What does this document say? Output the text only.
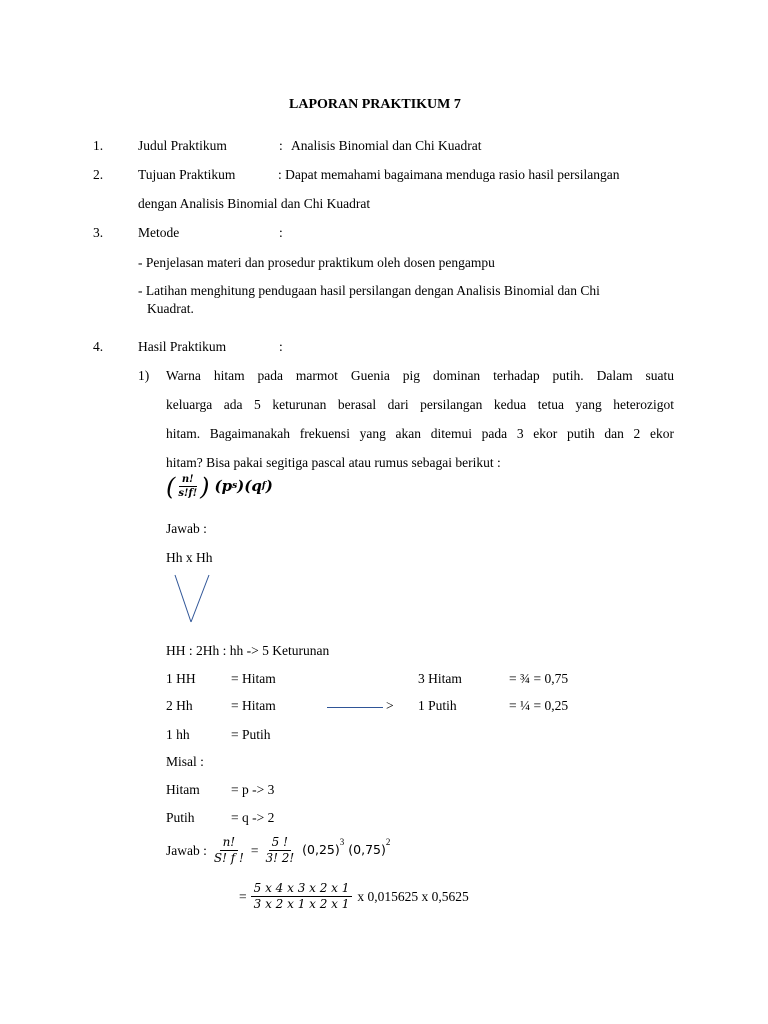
LAPORAN PRAKTIKUM 7
1.	Judul Praktikum	: Analisis Binomial dan Chi Kuadrat
2.	Tujuan Praktikum	: Dapat memahami bagaimana menduga rasio hasil persilangan
dengan Analisis Binomial dan Chi Kuadrat
3.	Metode	:
- Penjelasan materi dan prosedur praktikum oleh dosen pengampu
- Latihan menghitung pendugaan hasil persilangan dengan Analisis Binomial dan Chi
Kuadrat.
4.	Hasil Praktikum	:
1) Warna hitam pada marmot Guenia pig dominan terhadap putih. Dalam suatu
keluarga ada 5 keturunan berasal dari persilangan kedua tetua yang heterozigot
hitam. Bagaimanakah frekuensi yang akan ditemui pada 3 ekor putih dan 2 ekor
hitam? Bisa pakai segitiga pascal atau rumus sebagai berikut :
( $\frac{n!}{s!f!}$ ) (p s )(q f )
Jawab :
Hh x Hh
HH : 2Hh : hh -> 5 Keturunan
1 HH	= Hitam	3 Hitam	= ¾ = 0,75
2 Hh	= Hitam	> 1 Putih	= ¼ = 0,25
1 hh	= Putih
Misal :
Hitam = p -> 3
Putih	= q -> 2
Jawab : $\frac{n!}{S! f !} = \frac{5 !}{3! 2!} (0,25)$
$^3$
(0,75)
$^2$
= $\frac{5 x 4 x 3 x 2 x 1}{3 x 2 x 1 x 2 x 1}$ x 0,015625 x 0,5625
